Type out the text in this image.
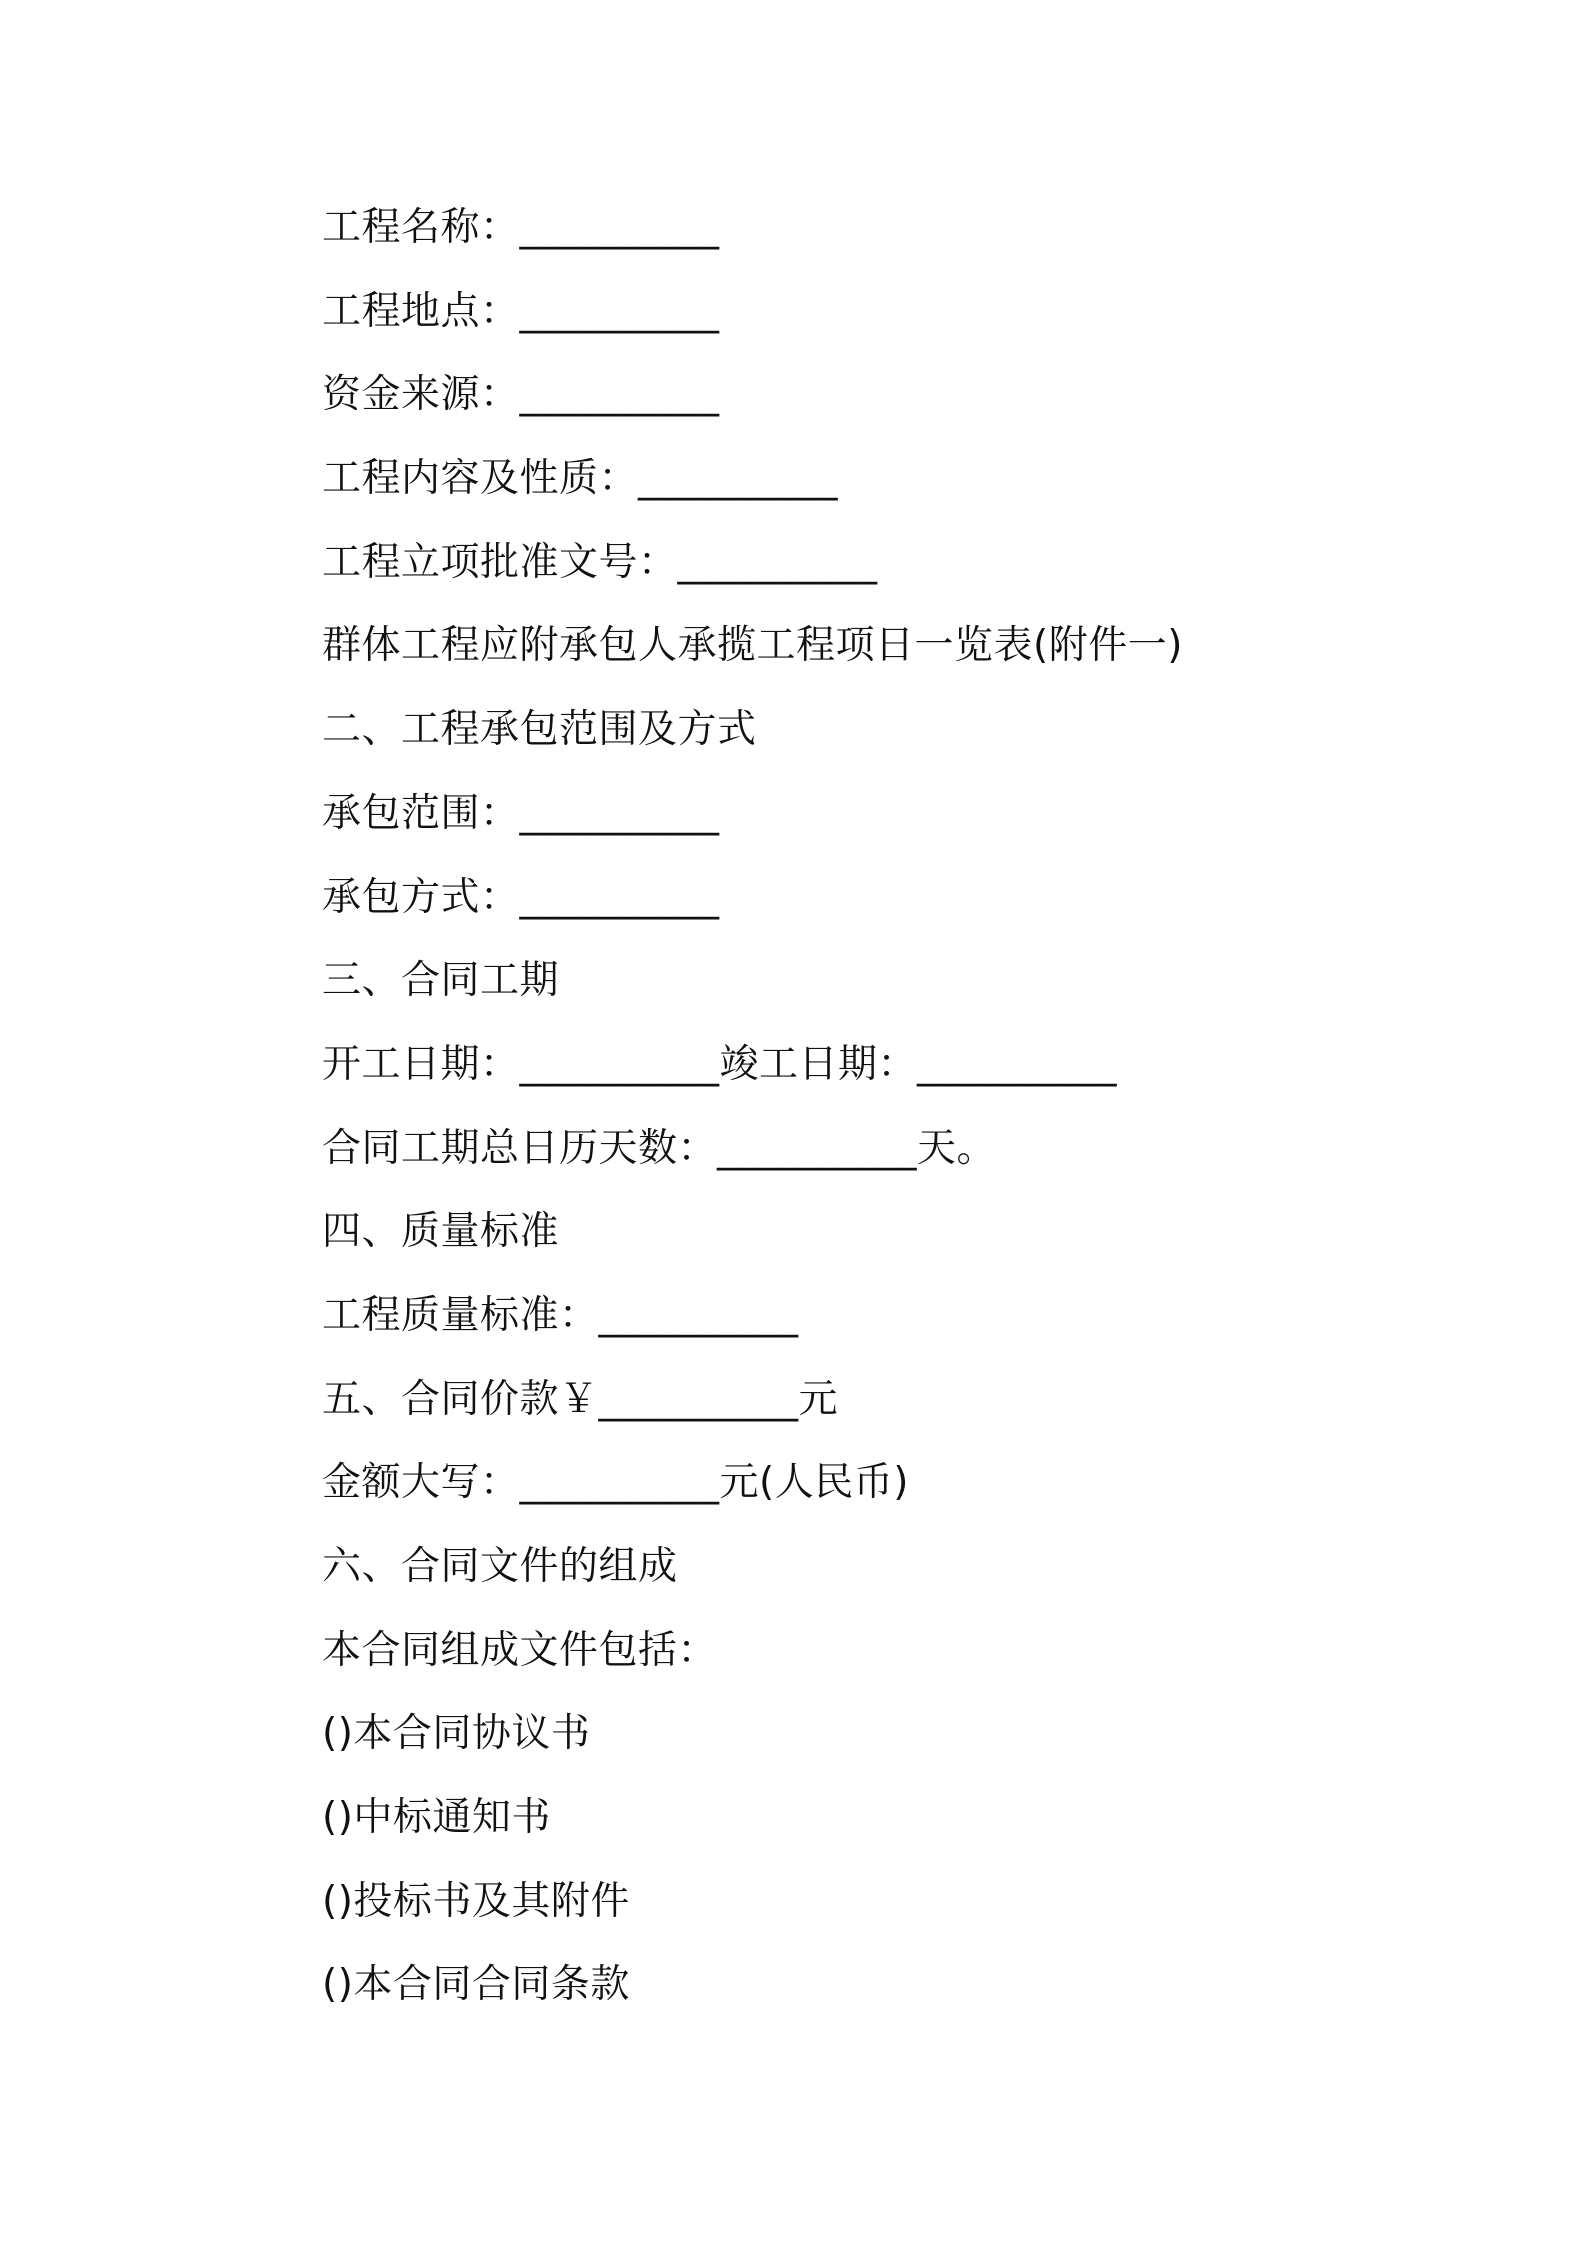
工程名称：__________
工程地点：__________
资金来源：__________
工程内容及性质：__________
工程立项批准文号：__________
群体工程应附承包人承揽工程项日一览表(附件一)
二、工程承包范围及方式
承包范围：__________
承包方式：__________
三、合同工期
开工日期：__________竣工日期：__________
合同工期总日历天数：__________天。
四、质量标准
工程质量标准：__________
五、合同价款￥__________元
金额大写：__________元(人民币)
六、合同文件的组成
本合同组成文件包括：
()本合同协议书
()中标通知书
()投标书及其附件
()本合同合同条款
